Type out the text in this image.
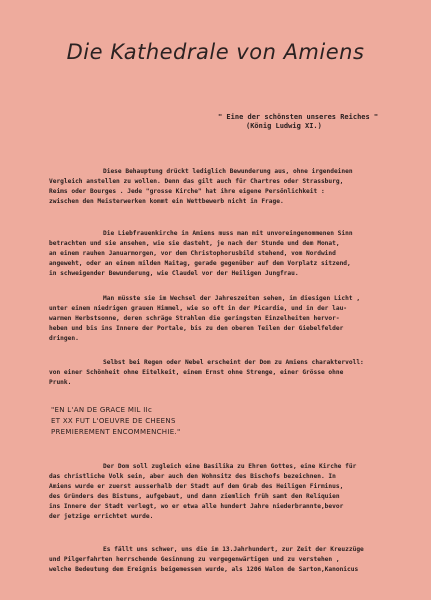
Die Kathedrale von Amiens
" Eine der schönsten unseres Reiches "
(König Ludwig XI.)
Diese Behauptung drückt lediglich Bewunderung aus, ohne irgendeinen
Vergleich anstellen zu wollen. Denn das gilt auch für Chartres oder Strassburg,
Reims oder Bourges . Jede "grosse Kirche" hat ihre eigene Persönlichkeit :
zwischen den Meisterwerken kommt ein Wettbewerb nicht in Frage.
Die Liebfrauenkirche in Amiens muss man mit unvoreingenommenen Sinn
betrachten und sie ansehen, wie sie dasteht, je nach der Stunde und dem Monat,
an einem rauhen Januarmorgen, vor dem Christophorusbild stehend, vom Nordwind
angeweht, oder an einem milden Maitag, gerade gegenüber auf dem Vorplatz sitzend,
in schweigender Bewunderung, wie Claudel vor der Heiligen Jungfrau.
Man müsste sie im Wechsel der Jahreszeiten sehen, im diesigen Licht ,
unter einem niedrigen grauen Himmel, wie so oft in der Picardie, und in der lau-
warmen Herbstsonne, deren schräge Strahlen die geringsten Einzelheiten hervor-
heben und bis ins Innere der Portale, bis zu den oberen Teilen der Giebelfelder
dringen.
Selbst bei Regen oder Nebel erscheint der Dom zu Amiens charaktervoll:
von einer Schönheit ohne Eitelkeit, einem Ernst ohne Strenge, einer Grösse ohne
Prunk.
"EN L'AN DE GRACE MIL IIc
ET XX FUT L'OEUVRE DE CHEENS
PREMIEREMENT ENCOMMENCHIE."
Der Dom soll zugleich eine Basilika zu Ehren Gottes, eine Kirche für
das christliche Volk sein, aber auch den Wohnsitz des Bischofs bezeichnen. In
Amiens wurde er zuerst ausserhalb der Stadt auf dem Grab des Heiligen Firminus,
des Gründers des Bistums, aufgebaut, und dann ziemlich früh samt den Reliquien
ins Innere der Stadt verlegt, wo er etwa alle hundert Jahre niederbrannte,bevor
der jetzige errichtet wurde.
Es fällt uns schwer, uns die im 13.Jahrhundert, zur Zeit der Kreuzzüge
und Pilgerfahrten herrschende Gesinnung zu vergegenwärtigen und zu verstehen ,
welche Bedeutung dem Ereignis beigemessen wurde, als 1206 Walon de Sarton,Kanonicus
